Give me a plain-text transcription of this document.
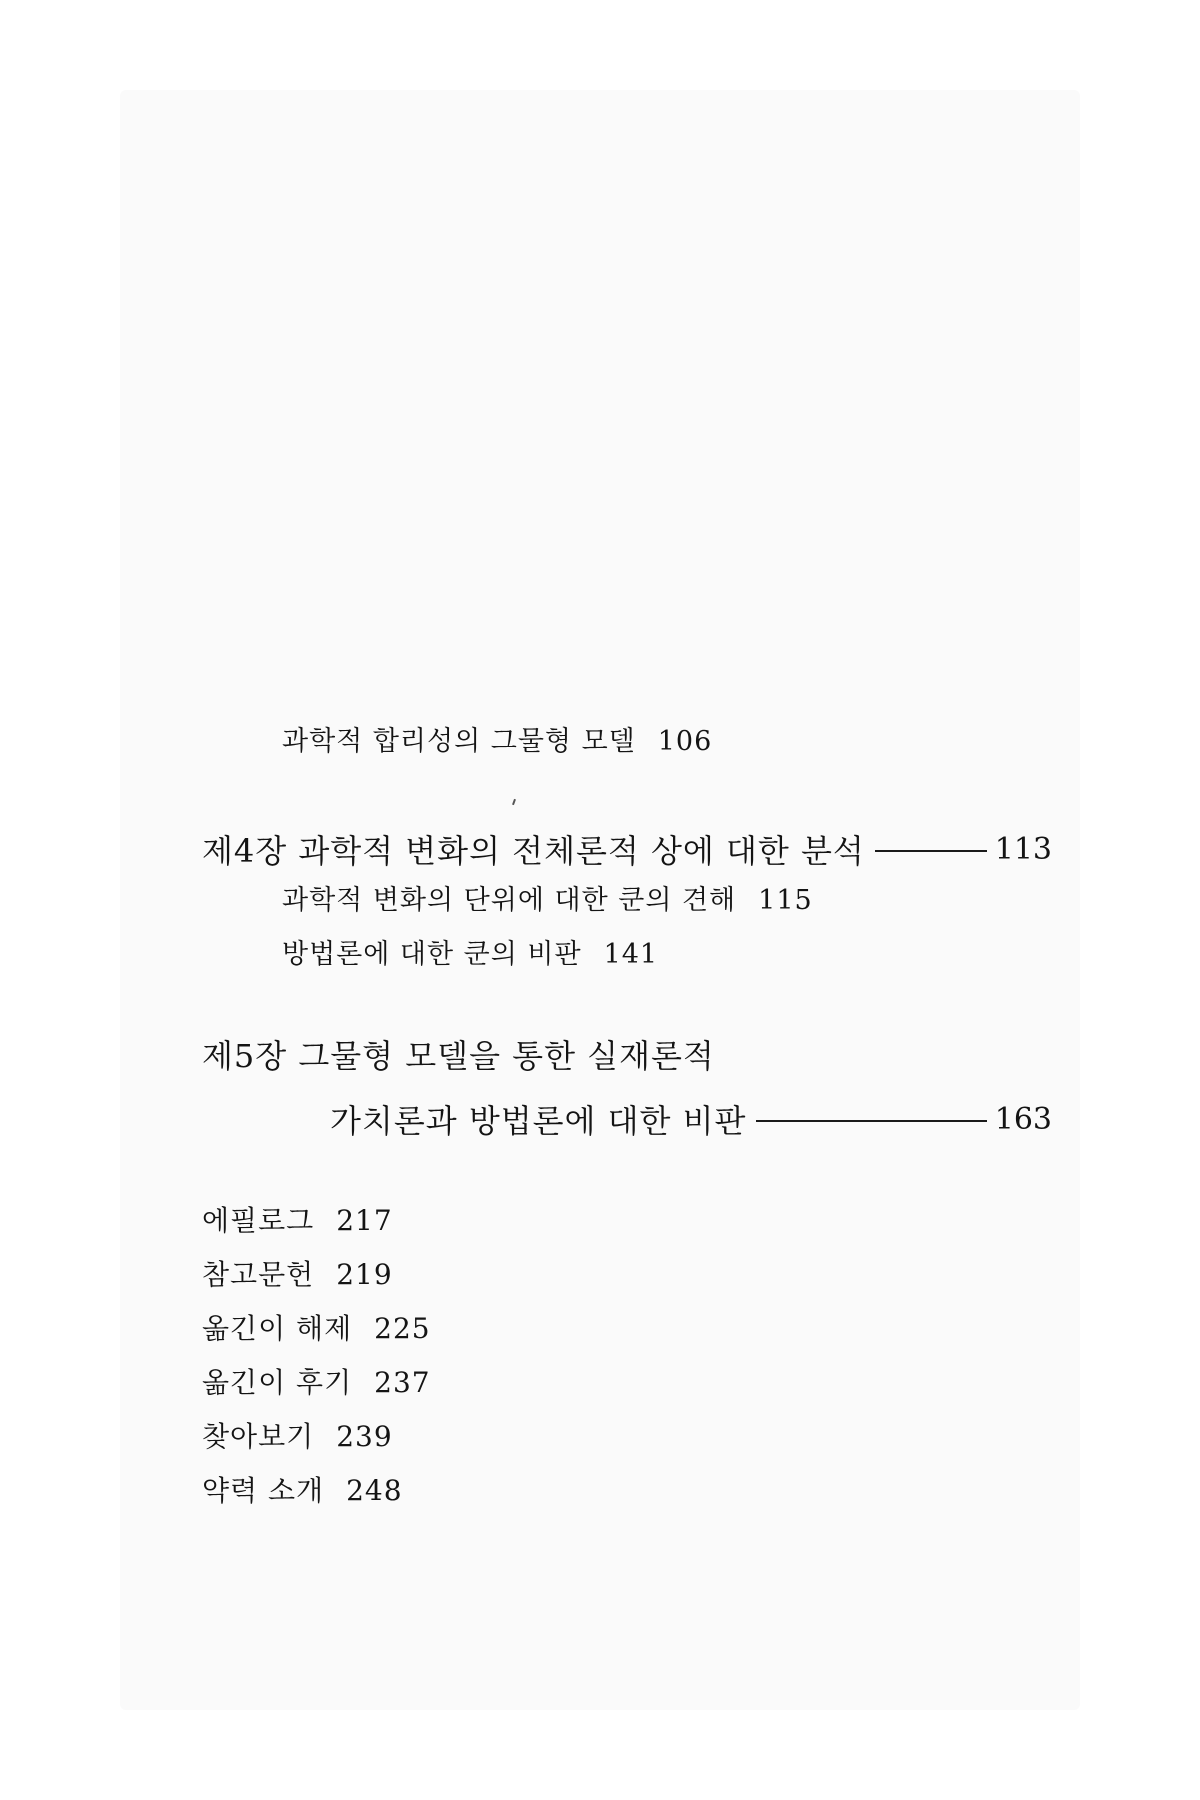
과학적 합리성의 그물형 모델 106
제4장 과학적 변화의 전체론적 상에 대한 분석	113
과학적 변화의 단위에 대한 쿤의 견해 115
방법론에 대한 쿤의 비판 141
제5장 그물형 모델을 통한 실재론적
가치론과 방법론에 대한 비판	163
에필로그 217
참고문헌 219
옮긴이 해제 225
옮긴이 후기 237
찾아보기 239
약력 소개 248
